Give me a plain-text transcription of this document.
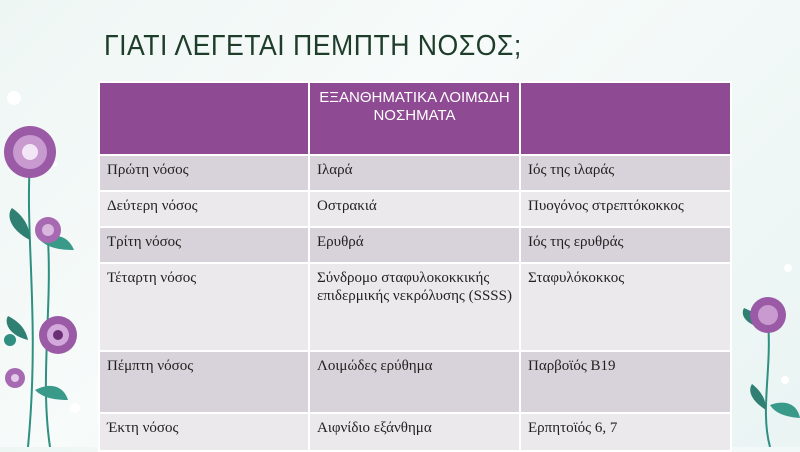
ΓΙΑΤΙ ΛΕΓΕΤΑΙ ΠΕΜΠΤΗ ΝΟΣΟΣ;
	ΕΞΑΝΘΗΜΑΤΙΚΑ ΛΟΙΜΩΔΗ ΝΟΣΗΜΑΤΑ	
Πρώτη νόσος	Ιλαρά	Ιός της ιλαράς
Δεύτερη νόσος	Οστρακιά	Πυογόνος στρεπτόκοκκος
Τρίτη νόσος	Ερυθρά	Ιός της ερυθράς
Τέταρτη νόσος	Σύνδρομο σταφυλοκοκκικής επιδερμικής νεκρόλυσης (SSSS)	Σταφυλόκοκκος
Πέμπτη νόσος	Λοιμώδες ερύθημα	Παρβοϊός Β19
Έκτη νόσος	Αιφνίδιο εξάνθημα	Ερπητοϊός 6, 7
